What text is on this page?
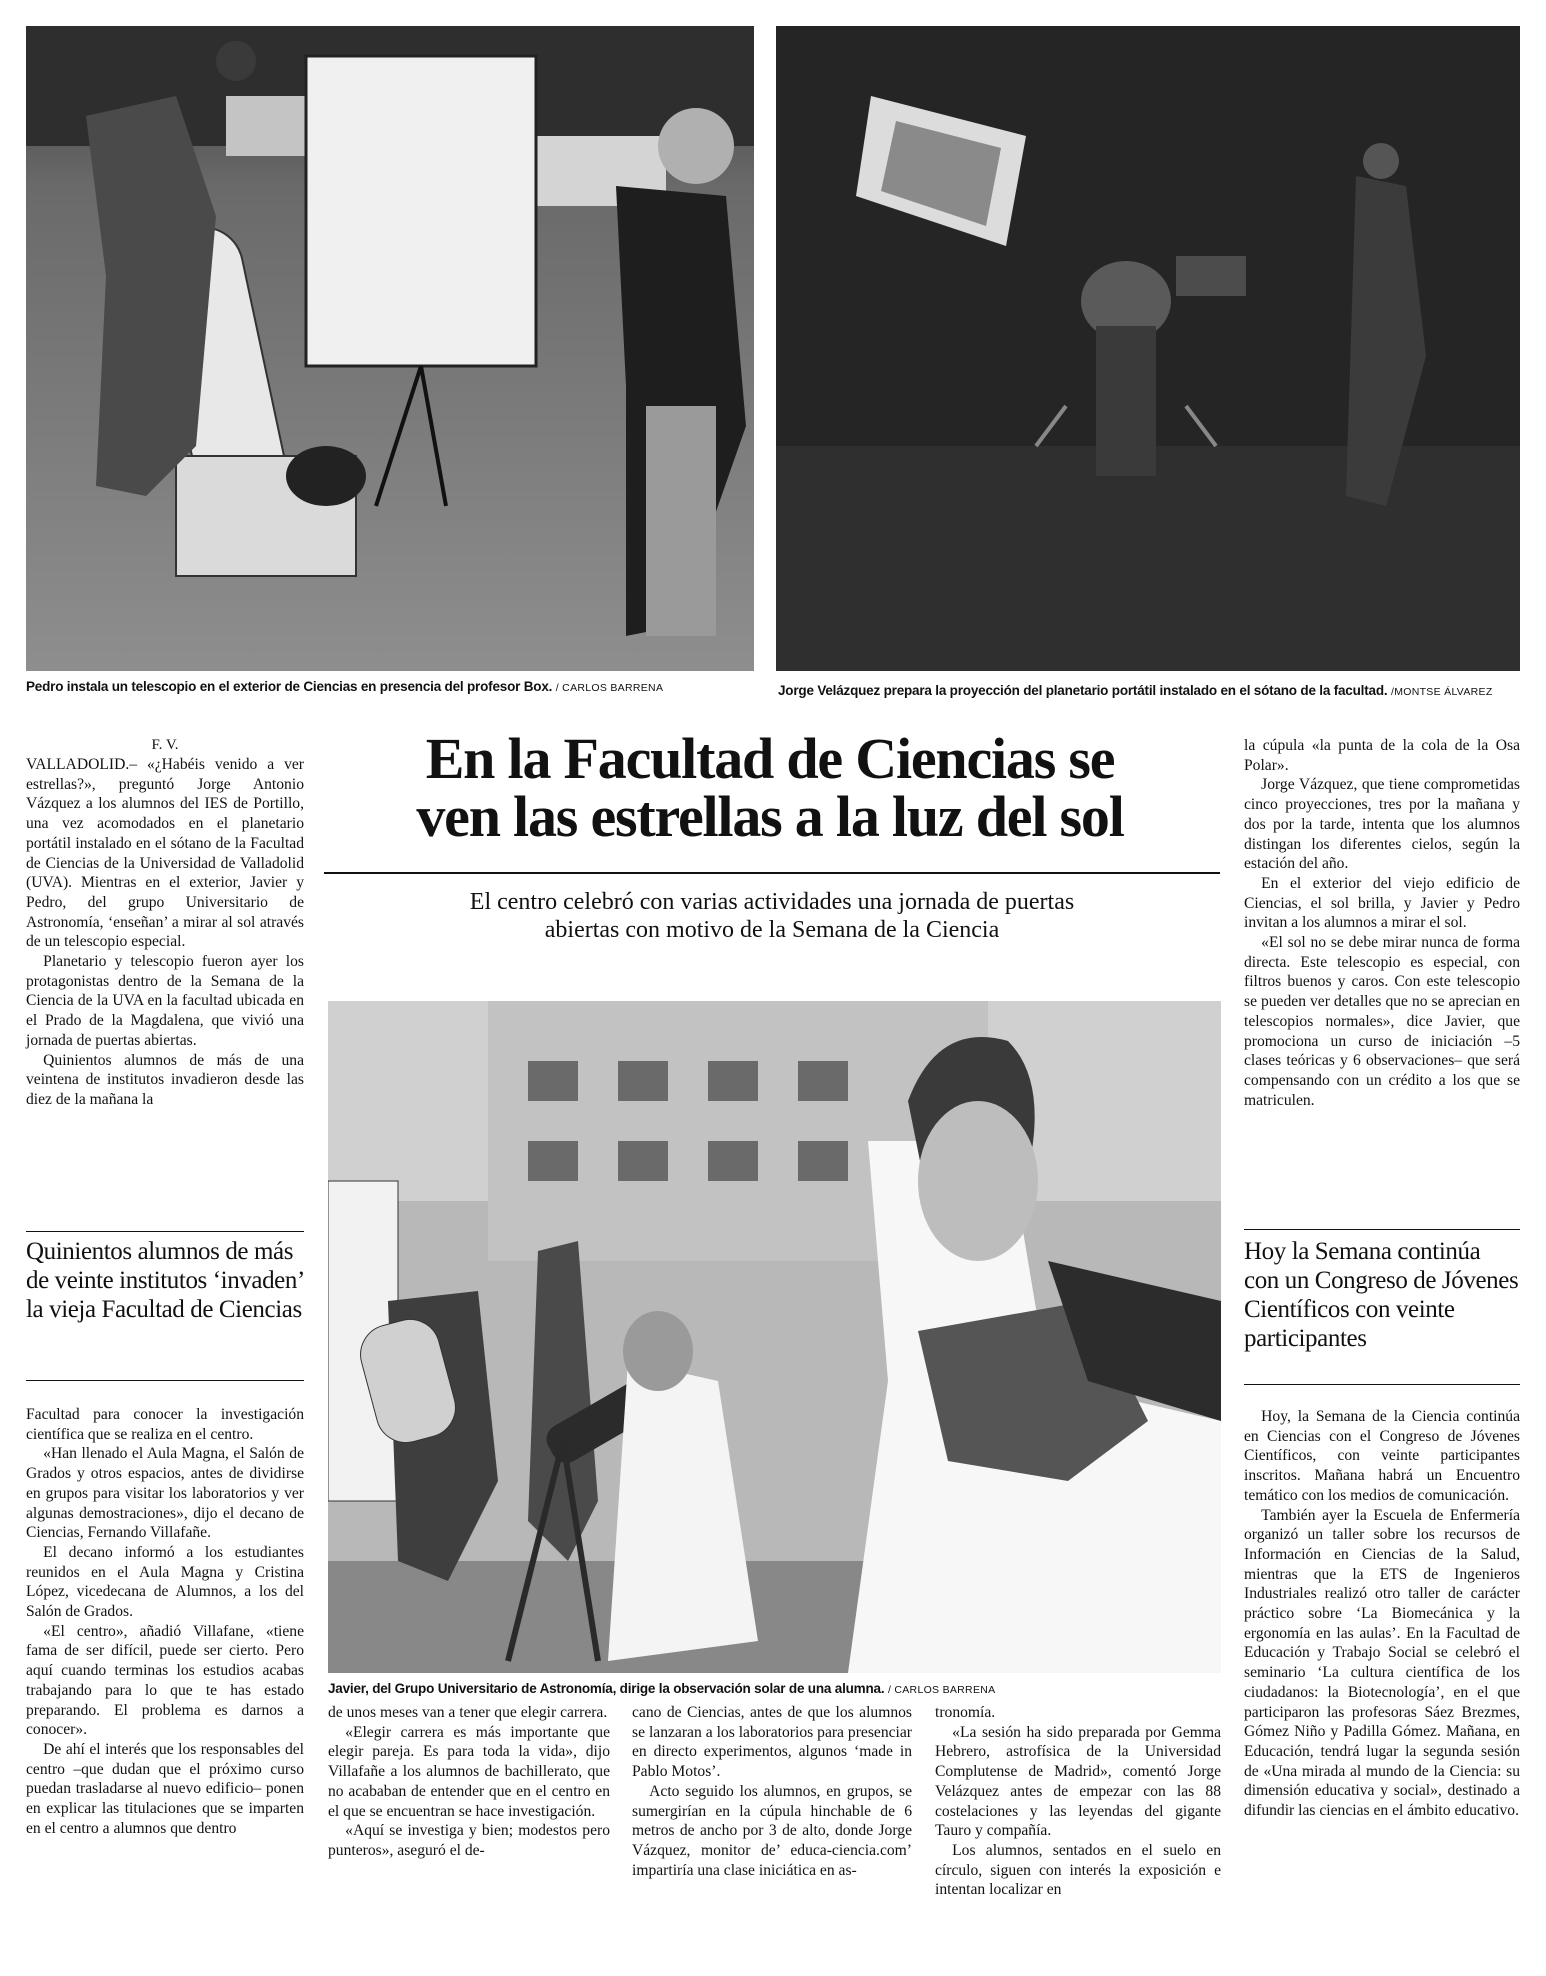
Pedro instala un telescopio en el exterior de Ciencias en presencia del profesor Box. / CARLOS BARRENA	Jorge Velázquez prepara la proyección del planetario portátil instalado en el sótano de la facultad. /MONTSE ÁLVAREZ
En la Facultad de Ciencias se
ven las estrellas a la luz del sol
El centro celebró con varias actividades una jornada de puertas
abiertas con motivo de la Semana de la Ciencia
Javier, del Grupo Universitario de Astronomía, dirige la observación solar de una alumna. / CARLOS BARRENA
F. V.

VALLADOLID.– «¿Habéis venido a ver estrellas?», preguntó Jorge Antonio Vázquez a los alumnos del IES de Portillo, una vez acomodados en el planetario portátil instalado en el sótano de la Facultad de Ciencias de la Universidad de Valladolid (UVA). Mientras en el exterior, Javier y Pedro, del grupo Universitario de Astronomía, ‘enseñan’ a mirar al sol através de un telescopio especial.

Planetario y telescopio fueron ayer los protagonistas dentro de la Semana de la Ciencia de la UVA en la facultad ubicada en el Prado de la Magdalena, que vivió una jornada de puertas abiertas.

Quinientos alumnos de más de una veintena de institutos invadieron desde las diez de la mañana la

Quinientos alumnos de más de veinte institutos ‘invaden’ la vieja Facultad de Ciencias

Facultad para conocer la investigación científica que se realiza en el centro.

«Han llenado el Aula Magna, el Salón de Grados y otros espacios, antes de dividirse en grupos para visitar los laboratorios y ver algunas demostraciones», dijo el decano de Ciencias, Fernando Villafañe.

El decano informó a los estudiantes reunidos en el Aula Magna y Cristina López, vicedecana de Alumnos, a los del Salón de Grados.

«El centro», añadió Villafane, «tiene fama de ser difícil, puede ser cierto. Pero aquí cuando terminas los estudios acabas trabajando para lo que te has estado preparando. El problema es darnos a conocer».

De ahí el interés que los responsables del centro –que dudan que el próximo curso puedan trasladarse al nuevo edificio– ponen en explicar las titulaciones que se imparten en el centro a alumnos que dentro

de unos meses van a tener que elegir carrera.

«Elegir carrera es más importante que elegir pareja. Es para toda la vida», dijo Villafañe a los alumnos de bachillerato, que no acababan de entender que en el centro en el que se encuentran se hace investigación.

«Aquí se investiga y bien; modestos pero punteros», aseguró el de-

cano de Ciencias, antes de que los alumnos se lanzaran a los laboratorios para presenciar en directo experimentos, algunos ‘made in Pablo Motos’.

Acto seguido los alumnos, en grupos, se sumergirían en la cúpula hinchable de 6 metros de ancho por 3 de alto, donde Jorge Vázquez, monitor de’ educa-ciencia.com’ impartiría una clase iniciática en as-

tronomía.

«La sesión ha sido preparada por Gemma Hebrero, astrofísica de la Universidad Complutense de Madrid», comentó Jorge Velázquez antes de empezar con las 88 costelaciones y las leyendas del gigante Tauro y compañía.

Los alumnos, sentados en el suelo en círculo, siguen con interés la exposición e intentan localizar en

la cúpula «la punta de la cola de la Osa Polar».

Jorge Vázquez, que tiene comprometidas cinco proyecciones, tres por la mañana y dos por la tarde, intenta que los alumnos distingan los diferentes cielos, según la estación del año.

En el exterior del viejo edificio de Ciencias, el sol brilla, y Javier y Pedro invitan a los alumnos a mirar el sol.

«El sol no se debe mirar nunca de forma directa. Este telescopio es especial, con filtros buenos y caros. Con este telescopio se pueden ver detalles que no se aprecian en telescopios normales», dice Javier, que promociona un curso de iniciación –5 clases teóricas y 6 observaciones– que será compensando con un crédito a los que se matriculen.

Hoy la Semana continúa con un Congreso de Jóvenes Científicos con veinte participantes

Hoy, la Semana de la Ciencia continúa en Ciencias con el Congreso de Jóvenes Científicos, con veinte participantes inscritos. Mañana habrá un Encuentro temático con los medios de comunicación.

También ayer la Escuela de Enfermería organizó un taller sobre los recursos de Información en Ciencias de la Salud, mientras que la ETS de Ingenieros Industriales realizó otro taller de carácter práctico sobre ‘La Biomecánica y la ergonomía en las aulas’. En la Facultad de Educación y Trabajo Social se celebró el seminario ‘La cultura científica de los ciudadanos: la Biotecnología’, en el que participaron las profesoras Sáez Brezmes, Gómez Niño y Padilla Gómez. Mañana, en Educación, tendrá lugar la segunda sesión de «Una mirada al mundo de la Ciencia: su dimensión educativa y social», destinado a difundir las ciencias en el ámbito educativo.
